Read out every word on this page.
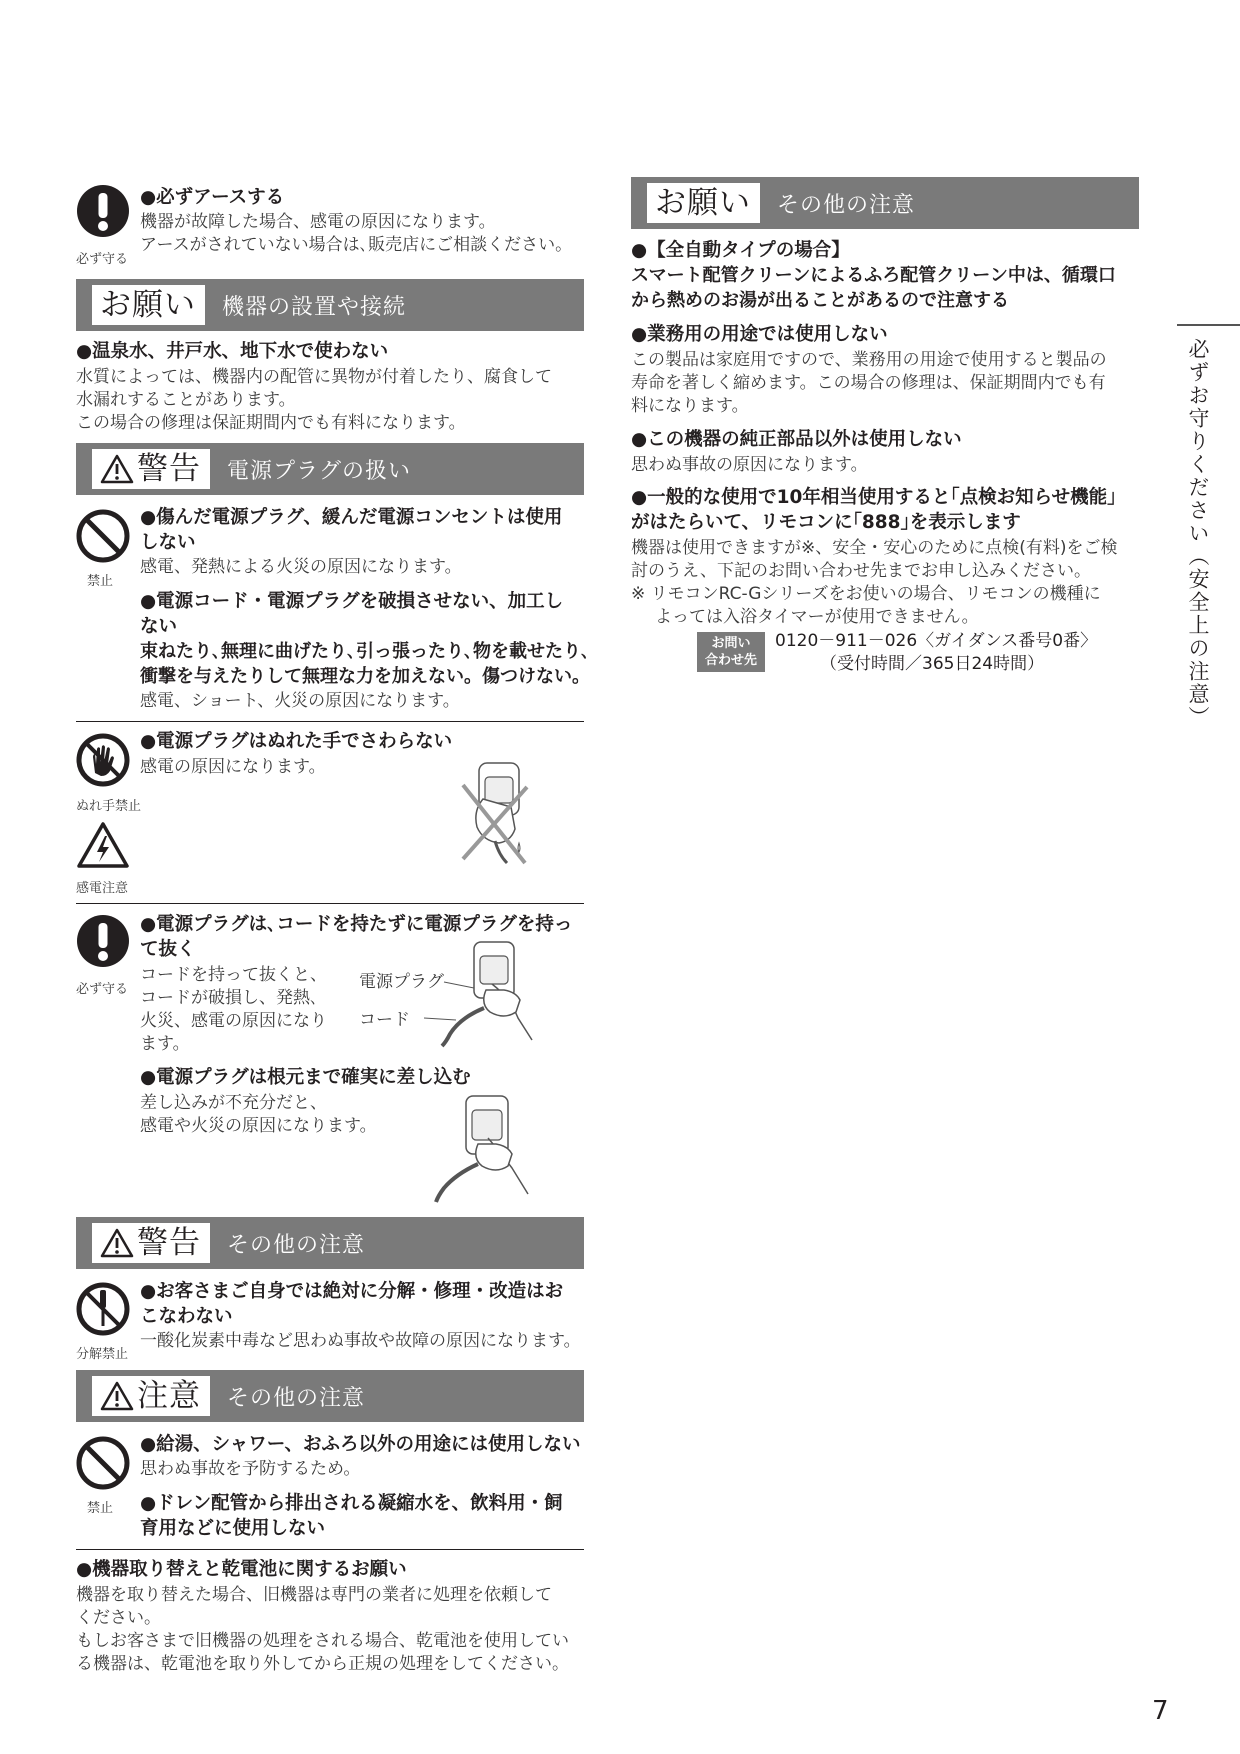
必ず守る
●必ずアースする
機器が故障した場合、感電の原因になります。
アースがされていない場合は､販売店にご相談ください。
お願い	機器の設置や接続
●温泉水、井戸水、地下水で使わない
水質によっては、機器内の配管に異物が付着したり、腐食して
水漏れすることがあります。
この場合の修理は保証期間内でも有料になります。
警告 電源プラグの扱い
禁止
●傷んだ電源プラグ、緩んだ電源コンセントは使用
しない
感電、発熱による火災の原因になります。
●電源コード・電源プラグを破損させない、加工し
ない
束ねたり､無理に曲げたり､引っ張ったり､物を載せたり､
衝撃を与えたりして無理な力を加えない。傷つけない。
感電、ショート、火災の原因になります。
ぬれ手禁止
感電注意
●電源プラグはぬれた手でさわらない
感電の原因になります。
必ず守る
●電源プラグは､コードを持たずに電源プラグを持っ
て抜く
コードを持って抜くと、
コードが破損し、発熱､
火災、感電の原因になり
ます。
電源プラグ
コード
●電源プラグは根元まで確実に差し込む
差し込みが不充分だと、
感電や火災の原因になります。
警告 その他の注意
分解禁止
●お客さまご自身では絶対に分解・修理・改造はお
こなわない
一酸化炭素中毒など思わぬ事故や故障の原因になります。
注意 その他の注意
禁止
●給湯、シャワー、おふろ以外の用途には使用しない
思わぬ事故を予防するため。
●ドレン配管から排出される凝縮水を、飲料用・飼
育用などに使用しない
●機器取り替えと乾電池に関するお願い
機器を取り替えた場合、旧機器は専門の業者に処理を依頼して
ください。
もしお客さまで旧機器の処理をされる場合、乾電池を使用してい
る機器は、乾電池を取り外してから正規の処理をしてください。
お願い	その他の注意
●【全自動タイプの場合】
スマート配管クリーンによるふろ配管クリーン中は、循環口
から熱めのお湯が出ることがあるので注意する
●業務用の用途では使用しない
この製品は家庭用ですので、業務用の用途で使用すると製品の
寿命を著しく縮めます。この場合の修理は、保証期間内でも有
料になります。
●この機器の純正部品以外は使用しない
思わぬ事故の原因になります。
●一般的な使用で10年相当使用すると｢点検お知らせ機能｣
がはたらいて、リモコンに｢888｣を表示します
機器は使用できますが※、安全・安心のために点検(有料)をご検
討のうえ、下記のお問い合わせ先までお申し込みください。
※ リモコンRC-Gシリーズをお使いの場合、リモコンの機種に
よっては入浴タイマーが使用できません。
お問い
合わせ先
0120－911－026〈ガイダンス番号0番〉
（受付時間／365日24時間）	必ずお守りください（安全上の注意）
7
